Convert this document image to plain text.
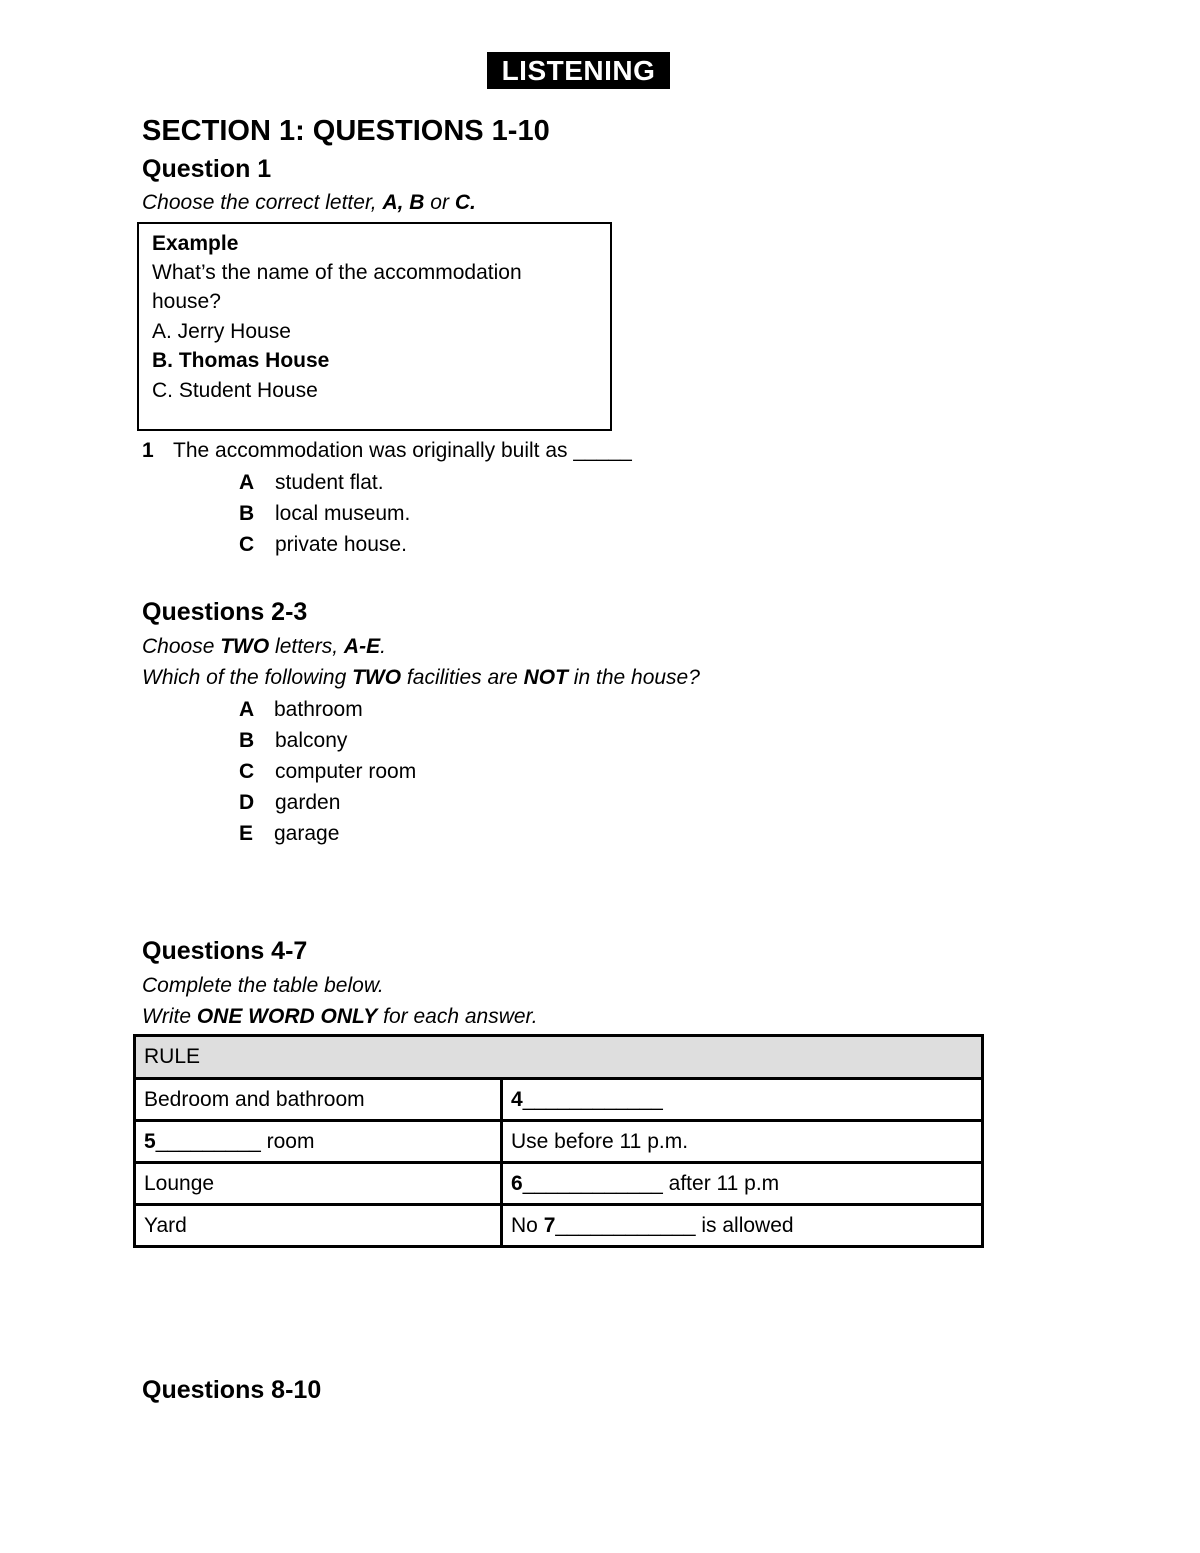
LISTENING
SECTION 1: QUESTIONS 1-10
Question 1
Choose the correct letter, A, B or C.
Example
What’s the name of the accommodation
house?
A. Jerry House
B. Thomas House
C. Student House
1 The accommodation was originally built as _____
A student flat.
B local museum.
C private house.
Questions 2-3
Choose TWO letters, A-E.
Which of the following TWO facilities are NOT in the house?
A bathroom
B balcony
C computer room
D garden
E garage
Questions 4-7
Complete the table below.
Write ONE WORD ONLY for each answer.
RULE	
Bedroom and bathroom	4____________
5_________ room	Use before 11 p.m.
Lounge	6____________ after 11 p.m
Yard	No 7____________ is allowed
Questions 8-10
